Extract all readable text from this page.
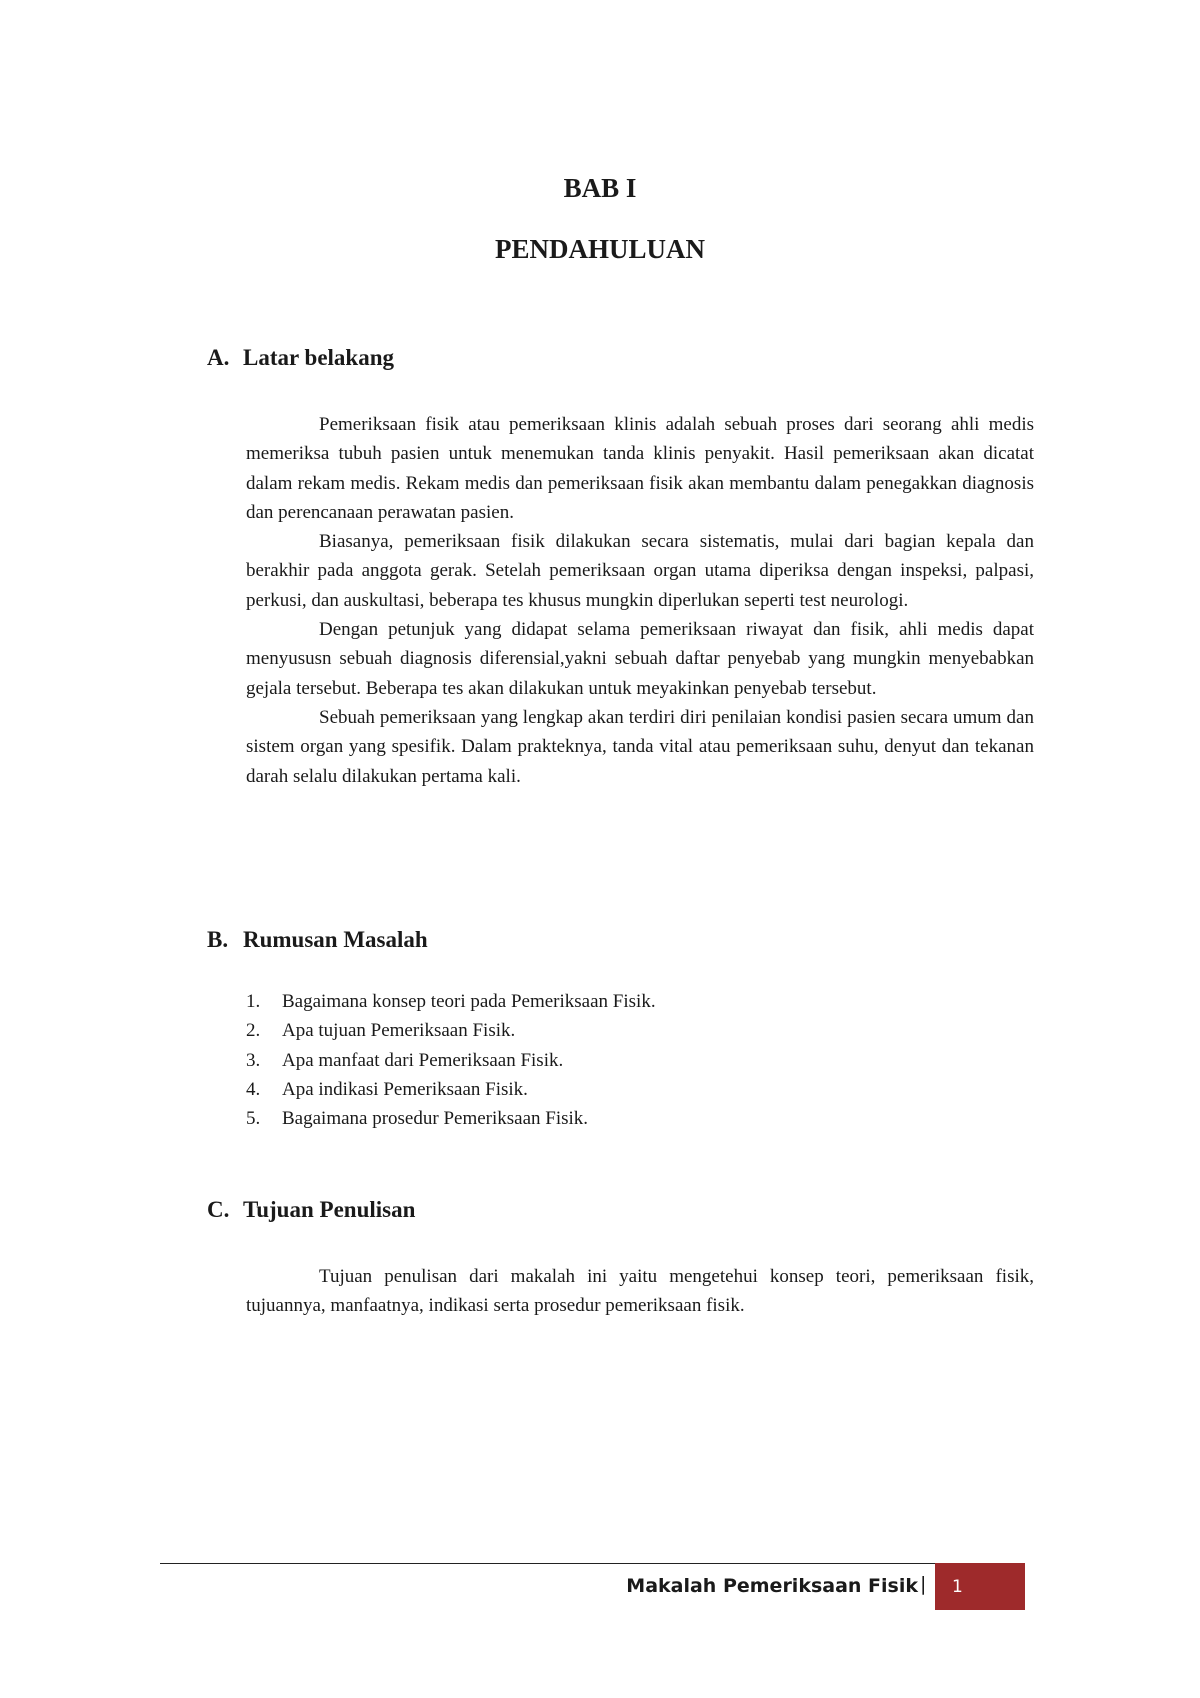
BAB I
PENDAHULUAN
A. Latar belakang

Pemeriksaan fisik atau pemeriksaan klinis adalah sebuah proses dari seorang ahli medis memeriksa tubuh pasien untuk menemukan tanda klinis penyakit. Hasil pemeriksaan akan dicatat dalam rekam medis. Rekam medis dan pemeriksaan fisik akan membantu dalam penegakkan diagnosis dan perencanaan perawatan pasien.

Biasanya, pemeriksaan fisik dilakukan secara sistematis, mulai dari bagian kepala dan berakhir pada anggota gerak. Setelah pemeriksaan organ utama diperiksa dengan inspeksi, palpasi, perkusi, dan auskultasi, beberapa tes khusus mungkin diperlukan seperti test neurologi.

Dengan petunjuk yang didapat selama pemeriksaan riwayat dan fisik, ahli medis dapat menyususn sebuah diagnosis diferensial,yakni sebuah daftar penyebab yang mungkin menyebabkan gejala tersebut. Beberapa tes akan dilakukan untuk meyakinkan penyebab tersebut.

Sebuah pemeriksaan yang lengkap akan terdiri diri penilaian kondisi pasien secara umum dan sistem organ yang spesifik. Dalam prakteknya, tanda vital atau pemeriksaan suhu, denyut dan tekanan darah selalu dilakukan pertama kali.

B. Rumusan Masalah
1.	Bagaimana konsep teori pada Pemeriksaan Fisik.
2.	Apa tujuan Pemeriksaan Fisik.
3.	Apa manfaat dari Pemeriksaan Fisik.
4.	Apa indikasi Pemeriksaan Fisik.
5.	Bagaimana prosedur Pemeriksaan Fisik.
C. Tujuan Penulisan

Tujuan penulisan dari makalah ini yaitu mengetehui konsep teori, pemeriksaan fisik, tujuannya, manfaatnya, indikasi serta prosedur pemeriksaan fisik.

Makalah Pemeriksaan Fisik | 1
